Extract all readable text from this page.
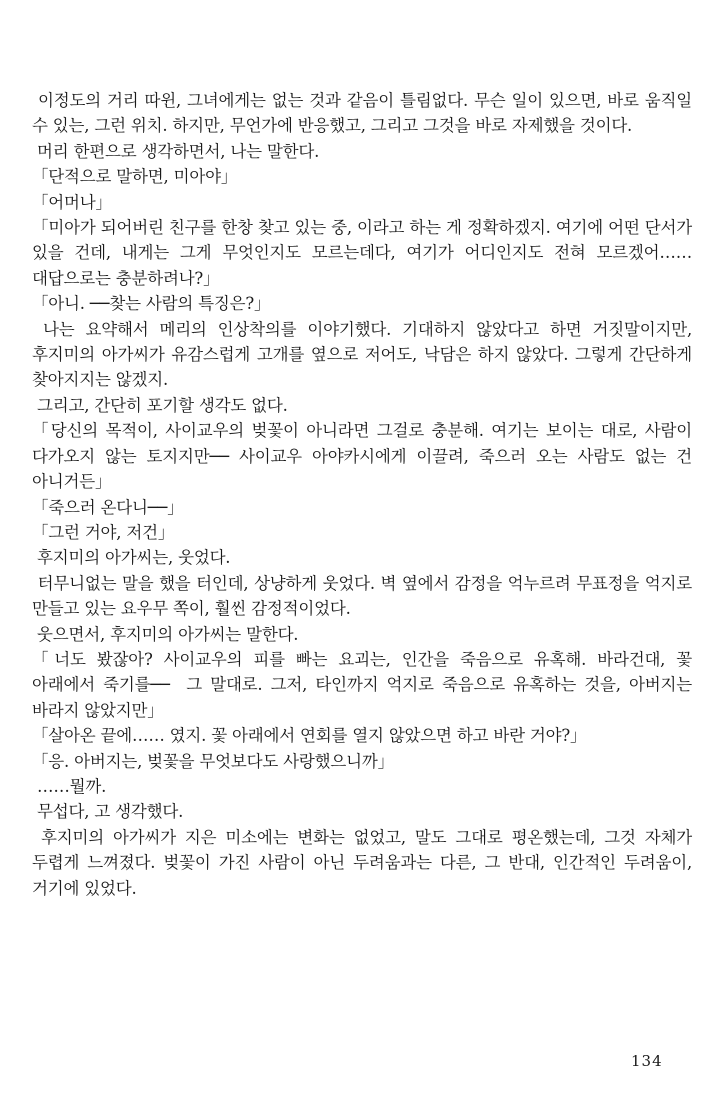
이정도의 거리 따윈, 그녀에게는 없는 것과 같음이 틀림없다. 무슨 일이 있으면, 바로 움직일 수 있는, 그런 위치. 하지만, 무언가에 반응했고, 그리고 그것을 바로 자제했을 것이다.

머리 한편으로 생각하면서, 나는 말한다.

「단적으로 말하면, 미아야」

「어머나」

「미아가 되어버린 친구를 한창 찾고 있는 중, 이라고 하는 게 정확하겠지. 여기에 어떤 단서가 있을 건데, 내게는 그게 무엇인지도 모르는데다, 여기가 어디인지도 전혀 모르겠어…… 대답으로는 충분하려나?」

「아니. ──찾는 사람의 특징은?」

나는 요약해서 메리의 인상착의를 이야기했다. 기대하지 않았다고 하면 거짓말이지만, 후지미의 아가씨가 유감스럽게 고개를 옆으로 저어도, 낙담은 하지 않았다. 그렇게 간단하게 찾아지지는 않겠지.

그리고, 간단히 포기할 생각도 없다.

「당신의 목적이, 사이교우의 벚꽃이 아니라면 그걸로 충분해. 여기는 보이는 대로, 사람이 다가오지 않는 토지지만── 사이교우 아야카시에게 이끌려, 죽으러 오는 사람도 없는 건 아니거든」

「죽으러 온다니──」

「그런 거야, 저건」

후지미의 아가씨는, 웃었다.

터무니없는 말을 했을 터인데, 상냥하게 웃었다. 벽 옆에서 감정을 억누르려 무표정을 억지로 만들고 있는 요우무 쪽이, 훨씬 감정적이었다.

웃으면서, 후지미의 아가씨는 말한다.

「너도 봤잖아? 사이교우의 피를 빠는 요괴는, 인간을 죽음으로 유혹해. 바라건대, 꽃 아래에서 죽기를──  그 말대로. 그저, 타인까지 억지로 죽음으로 유혹하는 것을, 아버지는 바라지 않았지만」

「살아온 끝에…… 였지. 꽃 아래에서 연회를 열지 않았으면 하고 바란 거야?」

「응. 아버지는, 벚꽃을 무엇보다도 사랑했으니까」

……뭘까.

무섭다, 고 생각했다.

후지미의 아가씨가 지은 미소에는 변화는 없었고, 말도 그대로 평온했는데, 그것 자체가 두렵게 느껴졌다. 벚꽃이 가진 사람이 아닌 두려움과는 다른, 그 반대, 인간적인 두려움이, 거기에 있었다.

134
